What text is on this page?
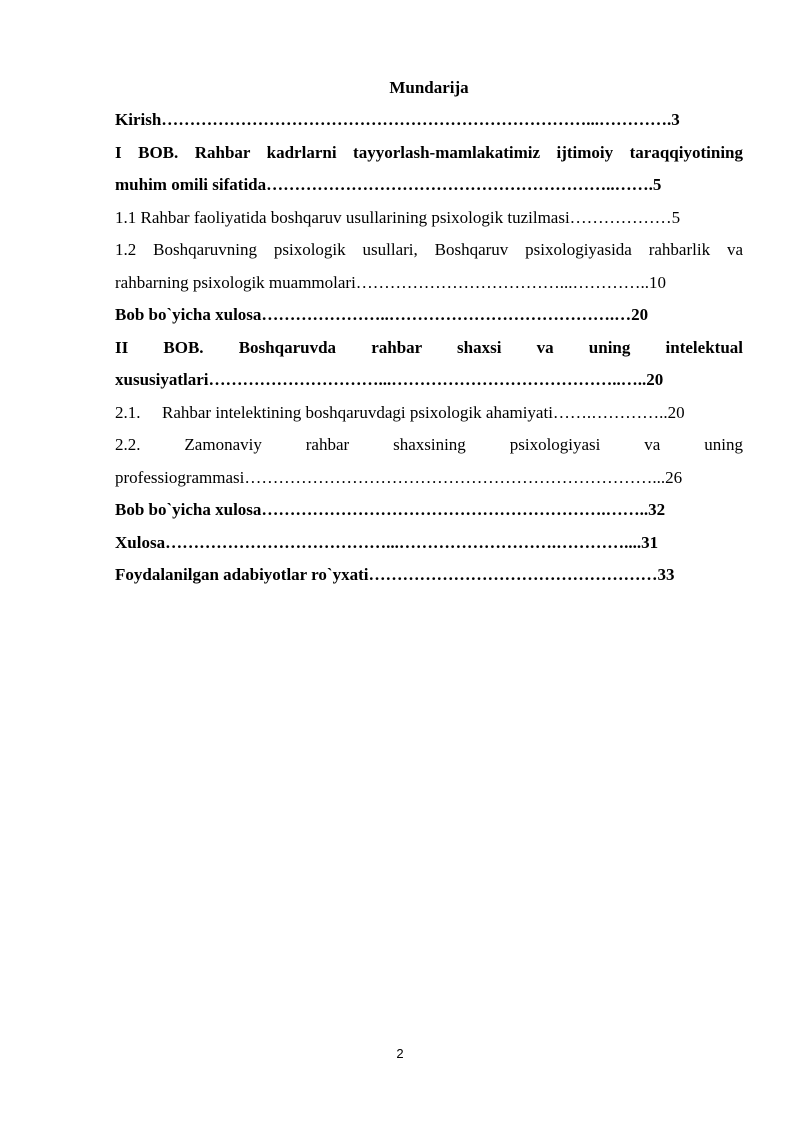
Mundarija
Kirish…………………………………………………………………...………….3
I BOB. Rahbar kadrlarni tayyorlash-mamlakatimiz ijtimoiy taraqqiyotining
muhim omili sifatida……………………………………………………..…….5
1.1 Rahbar faoliyatida boshqaruv usullarining psixologik tuzilmasi………………5
1.2 Boshqaruvning psixologik usullari, Boshqaruv psixologiyasida rahbarlik va
rahbarning psixologik muammolari………………………………...…………..10
Bob bo`yicha xulosa…………………..………………………………….…20
II BOB. Boshqaruvda rahbar shaxsi va uning intelektual
xususiyatlari…………………………...…………………………………..…..20
2.1.	Rahbar intelektining boshqaruvdagi psixologik ahamiyati…….…………..20
2.2. Zamonaviy rahbar shaxsining psixologiyasi va uning
professiogrammasi………………………………………………………………...26
Bob bo`yicha xulosa…………………………………………………….……..32
Xulosa…………………………………...……………………….…………....31
Foydalanilgan adabiyotlar ro`yxati……………………………………………33
2
